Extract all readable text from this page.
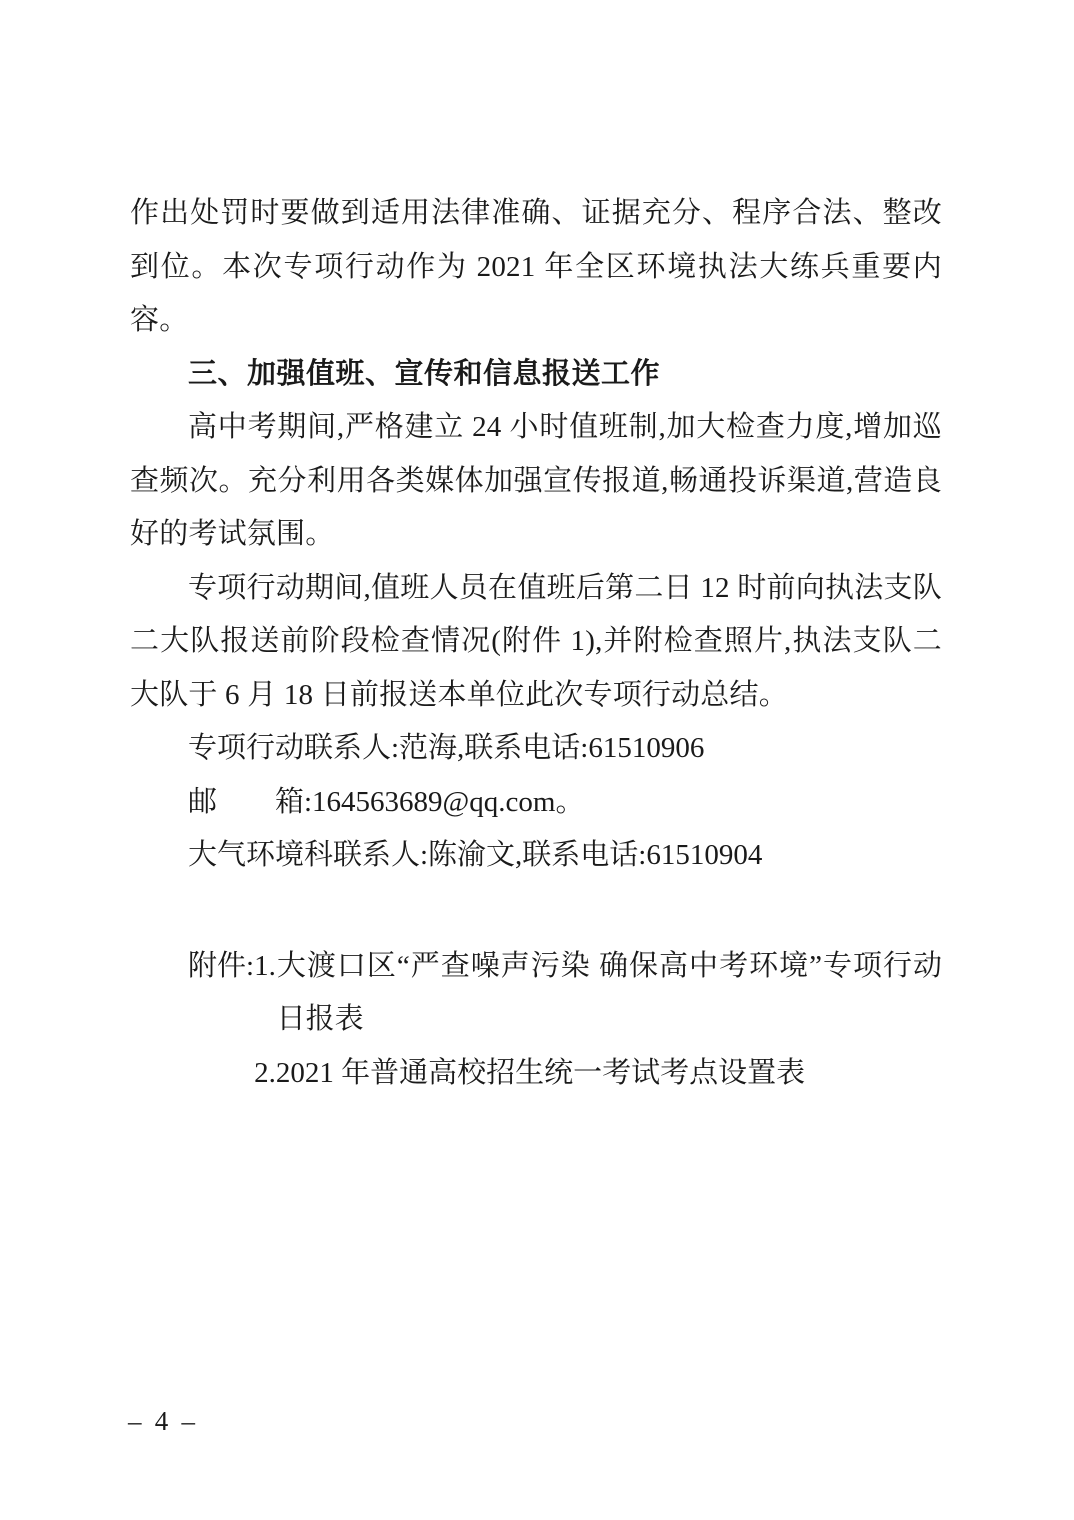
作出处罚时要做到适用法律准确、证据充分、程序合法、整改到位。本次专项行动作为 2021 年全区环境执法大练兵重要内容。

三、加强值班、宣传和信息报送工作

高中考期间,严格建立 24 小时值班制,加大检查力度,增加巡查频次。充分利用各类媒体加强宣传报道,畅通投诉渠道,营造良好的考试氛围。

专项行动期间,值班人员在值班后第二日 12 时前向执法支队二大队报送前阶段检查情况(附件 1),并附检查照片,执法支队二大队于 6 月 18 日前报送本单位此次专项行动总结。

专项行动联系人:范海,联系电话:61510906

邮　　箱:164563689@qq.com。

大气环境科联系人:陈渝文,联系电话:61510904

附件: 1.大渡口区“严查噪声污染 确保高中考环境”专项行动日报表

2.2021 年普通高校招生统一考试考点设置表

– 4 –
